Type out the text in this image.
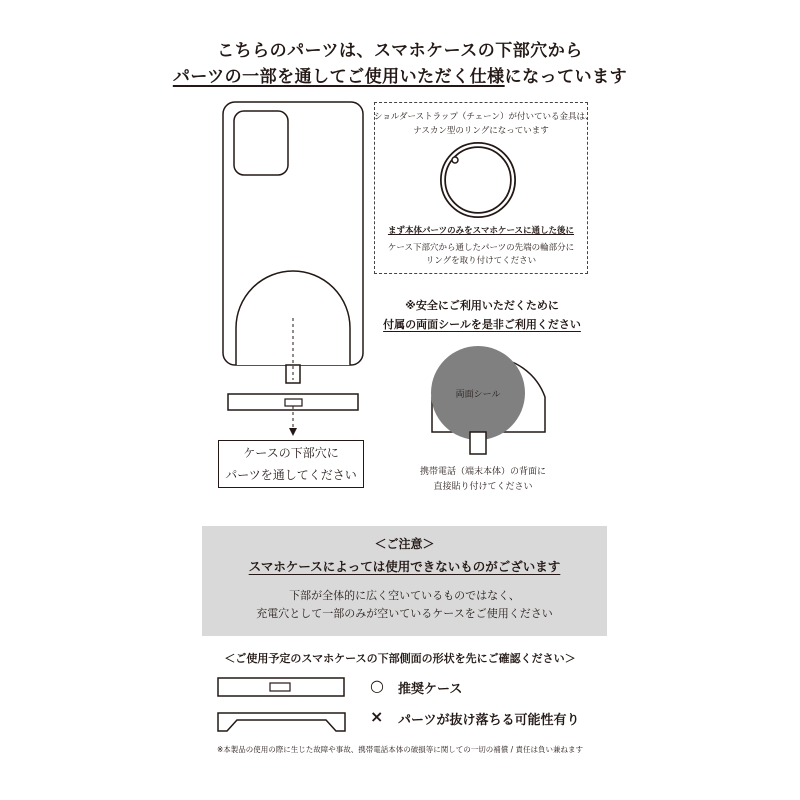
こちらのパーツは、スマホケースの下部穴から
パーツの一部を通してご使用いただく仕様になっています
ケースの下部穴に
パーツを通してください
ショルダーストラップ（チェーン）が付いている金具は、
ナスカン型のリングになっています
まず本体パーツのみをスマホケースに通した後に
ケース下部穴から通したパーツの先端の輪部分に
リングを取り付けてください
※安全にご利用いただくために
付属の両面シールを是非ご利用ください
両面シール
携帯電話（端末本体）の背面に
直接貼り付けてください
＜ご注意＞
スマホケースによっては使用できないものがございます
下部が全体的に広く空いているものではなく、
充電穴として一部のみが空いているケースをご使用ください
＜ご使用予定のスマホケースの下部側面の形状を先にご確認ください＞
○ 推奨ケース
× パーツが抜け落ちる可能性有り
※本製品の使用の際に生じた故障や事故、携帯電話本体の破損等に関しての一切の補償 / 責任は負い兼ねます
